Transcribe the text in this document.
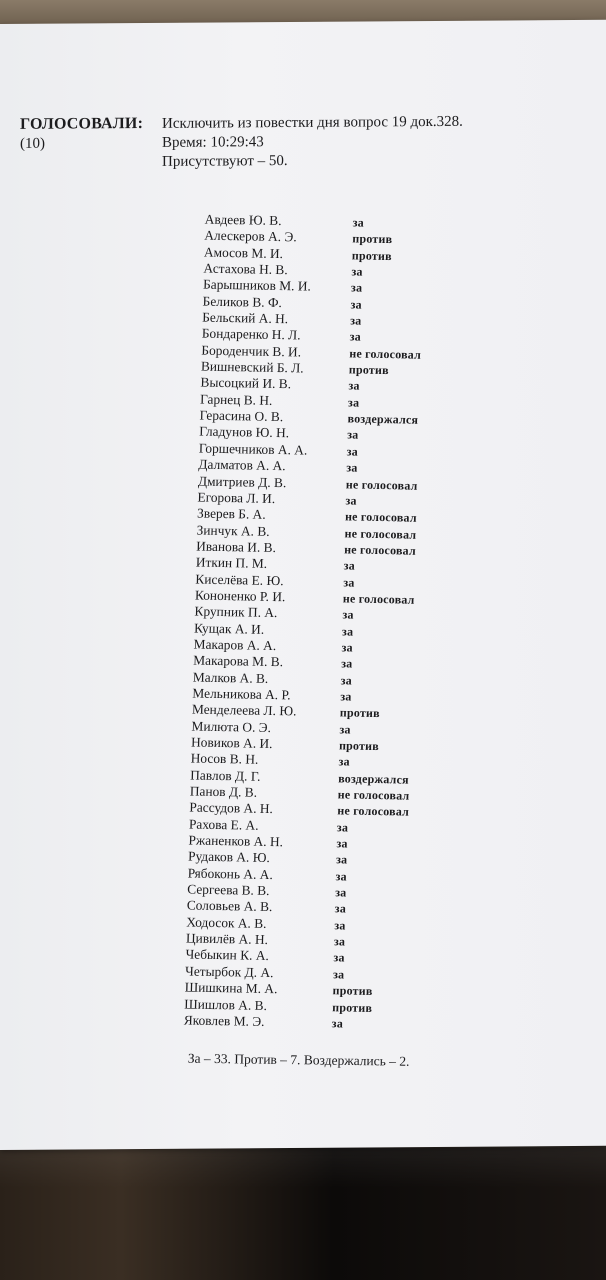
ГОЛОСОВАЛИ:
(10)
Исключить из повестки дня вопрос 19 док.328.
Время: 10:29:43
Присутствуют – 50.
Авдеев Ю. В.	за
Алескеров А. Э.	против
Амосов М. И.	против
Астахова Н. В.	за
Барышников М. И.	за
Беликов В. Ф.	за
Бельский А. Н.	за
Бондаренко Н. Л.	за
Бороденчик В. И.	не голосовал
Вишневский Б. Л.	против
Высоцкий И. В.	за
Гарнец В. Н.	за
Герасина О. В.	воздержался
Гладунов Ю. Н.	за
Горшечников А. А.	за
Далматов А. А.	за
Дмитриев Д. В.	не голосовал
Егорова Л. И.	за
Зверев Б. А.	не голосовал
Зинчук А. В.	не голосовал
Иванова И. В.	не голосовал
Иткин П. М.	за
Киселёва Е. Ю.	за
Кононенко Р. И.	не голосовал
Крупник П. А.	за
Кущак А. И.	за
Макаров А. А.	за
Макарова М. В.	за
Малков А. В.	за
Мельникова А. Р.	за
Менделеева Л. Ю.	против
Милюта О. Э.	за
Новиков А. И.	против
Носов В. Н.	за
Павлов Д. Г.	воздержался
Панов Д. В.	не голосовал
Рассудов А. Н.	не голосовал
Рахова Е. А.	за
Ржаненков А. Н.	за
Рудаков А. Ю.	за
Рябоконь А. А.	за
Сергеева В. В.	за
Соловьев А. В.	за
Ходосок А. В.	за
Цивилёв А. Н.	за
Чебыкин К. А.	за
Четырбок Д. А.	за
Шишкина М. А.	против
Шишлов А. В.	против
Яковлев М. Э.	за
За – 33. Против – 7. Воздержались – 2.
